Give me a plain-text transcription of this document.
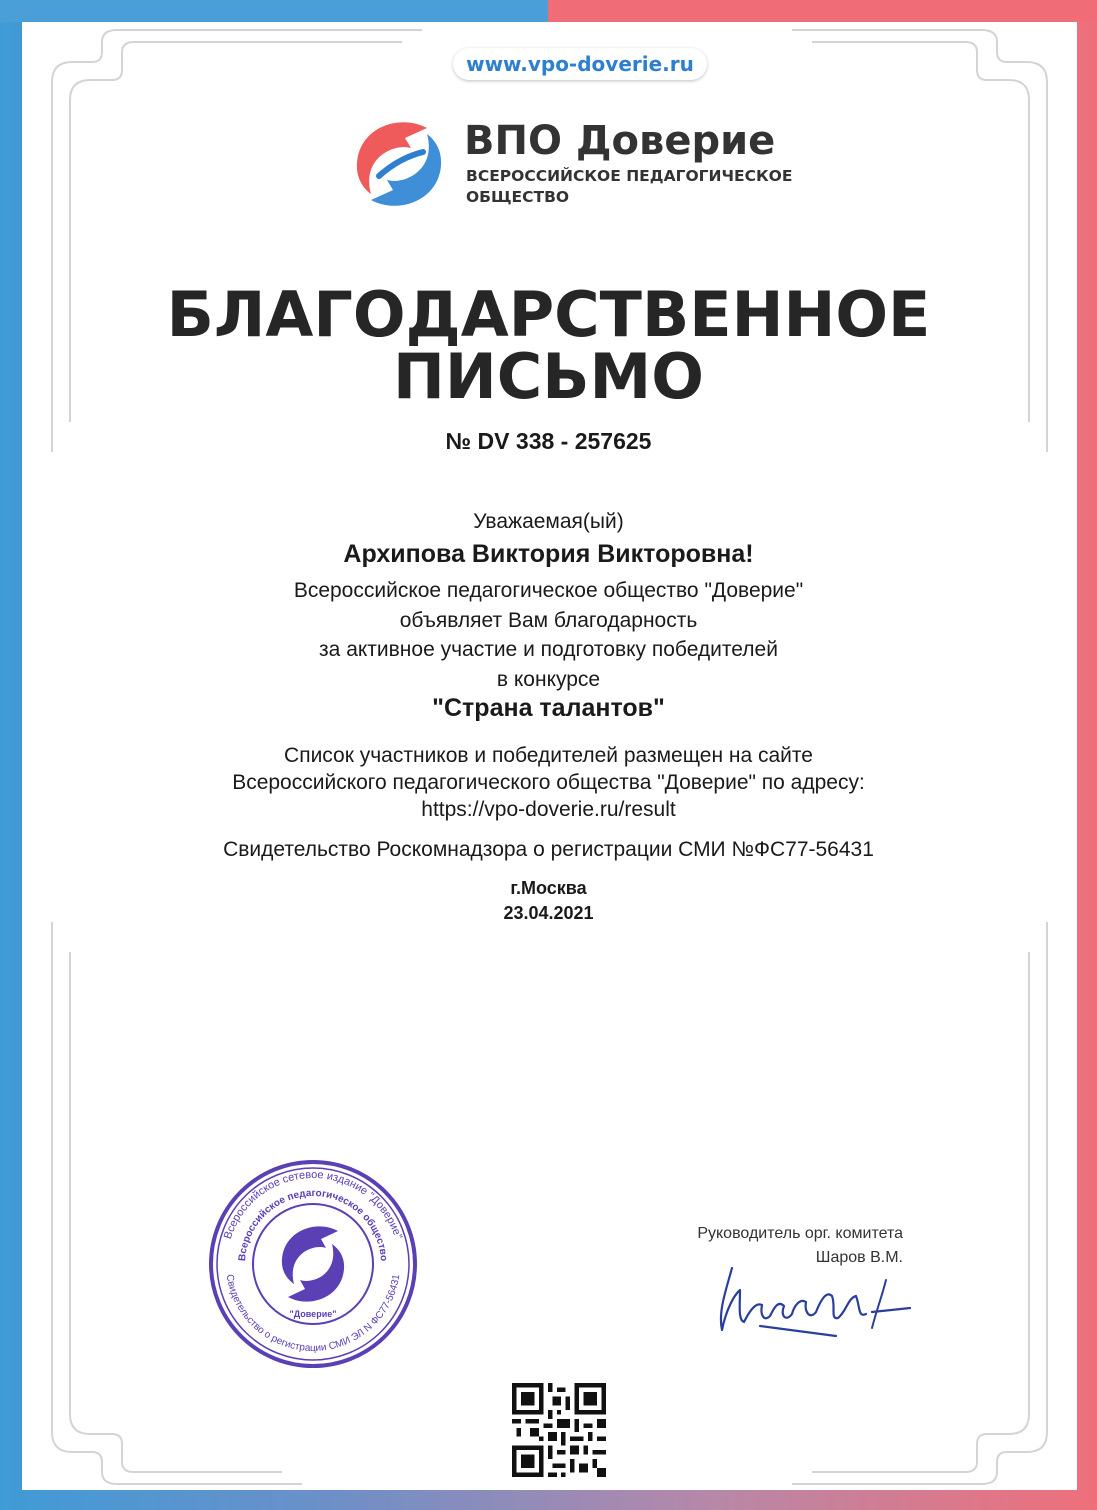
www.vpo-doverie.ru
ВПО Доверие
ВСЕРОССИЙСКОЕ ПЕДАГОГИЧЕСКОЕ ОБЩЕСТВО
БЛАГОДАРСТВЕННОЕ
ПИСЬМО
№ DV 338 - 257625
Уважаемая(ый)
Архипова Виктория Викторовна!
Всероссийское педагогическое общество "Доверие"
объявляет Вам благодарность
за активное участие и подготовку победителей
в конкурсе
"Страна талантов"
Список участников и победителей размещен на сайте
Всероссийского педагогического общества "Доверие" по адресу:
https://vpo-doverie.ru/result
Свидетельство Роскомнадзора о регистрации СМИ №ФС77-56431
г.Москва
23.04.2021
Всероссийское сетевое издание "Доверие"
Всероссийское педагогическое общество
Свидетельство о регистрации СМИ ЭЛ N ФС77-56431
"Доверие"
Руководитель орг. комитета
Шаров В.М.
